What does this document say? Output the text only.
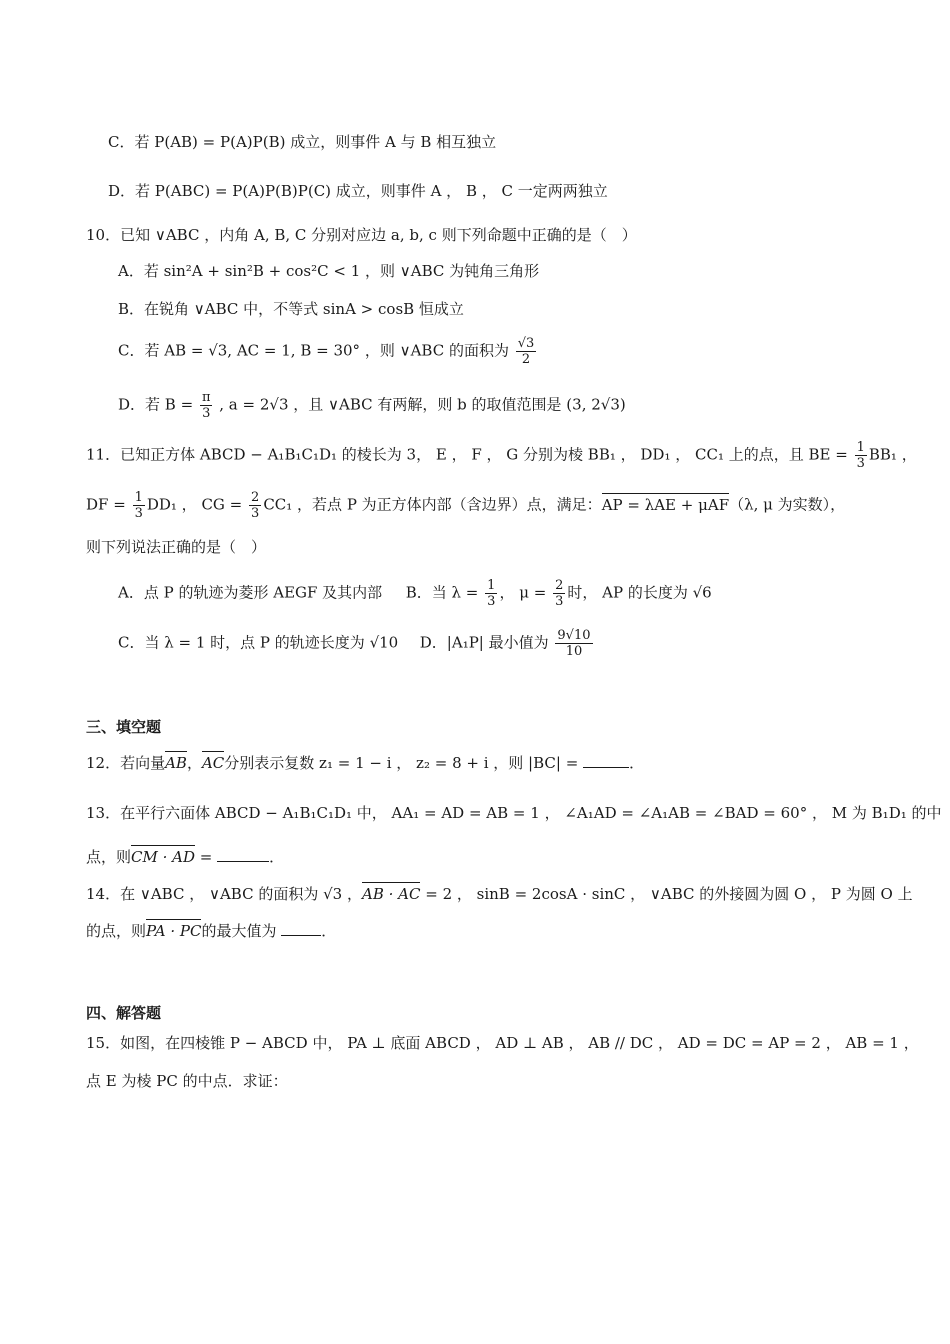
C．若 P(AB) = P(A)P(B) 成立，则事件 A 与 B 相互独立
D．若 P(ABC) = P(A)P(B)P(C) 成立，则事件 A ， B ， C 一定两两独立
10．已知 ∨ABC ，内角 A, B, C 分别对应边 a, b, c 则下列命题中正确的是（　）
A．若 sin²A + sin²B + cos²C < 1 ，则 ∨ABC 为钝角三角形
B．在锐角 ∨ABC 中，不等式 sinA > cosB 恒成立
C．若 AB = √3, AC = 1, B = 30° ，则 ∨ABC 的面积为 $\frac{√3}{2}$
D．若 $B = \frac{\pi}{3}$ , a = 2√3 ，且 ∨ABC 有两解，则 b 的取值范围是 (3, 2√3)
11．已知正方体 ABCD − A₁B₁C₁D₁ 的棱长为 3， E ， F ， G 分别为棱 BB₁ ， DD₁ ， CC₁ 上的点，且 BE = $\frac{1}{3} BB_1$ ，
DF = $\frac{1}{3} DD_1$ ， CG = $\frac{2}{3} CC_1$ ，若点 P 为正方体内部（含边界）点，满足：AP = λAE + μAF（λ, μ 为实数），
则下列说法正确的是（　）
A．点 P 的轨迹为菱形 AEGF 及其内部 B．当 $\lambda = \frac{1}{3}$ ， $\mu = \frac{2}{3}$ 时， AP 的长度为 √6
C．当 λ = 1 时，点 P 的轨迹长度为 √10 D．|A₁P| 最小值为 $\frac{9√10}{10}$
三、填空题
12．若向量AB，AC分别表示复数 z₁ = 1 − i ， z₂ = 8 + i ，则 |BC| =	．
13．在平行六面体 ABCD − A₁B₁C₁D₁ 中， AA₁ = AD = AB = 1 ， ∠A₁AD = ∠A₁AB = ∠BAD = 60° ， M 为 B₁D₁ 的中
点，则CM · AD =	．
14．在 ∨ABC ， ∨ABC 的面积为 √3 ，AB · AC = 2 ， sinB = 2cosA · sinC ， ∨ABC 的外接圆为圆 O ， P 为圆 O 上
的点，则PA · PC的最大值为	．
四、解答题
15．如图，在四棱锥 P − ABCD 中， PA ⊥ 底面 ABCD ， AD ⊥ AB ， AB // DC ， AD = DC = AP = 2 ， AB = 1 ，
点 E 为棱 PC 的中点．求证：
